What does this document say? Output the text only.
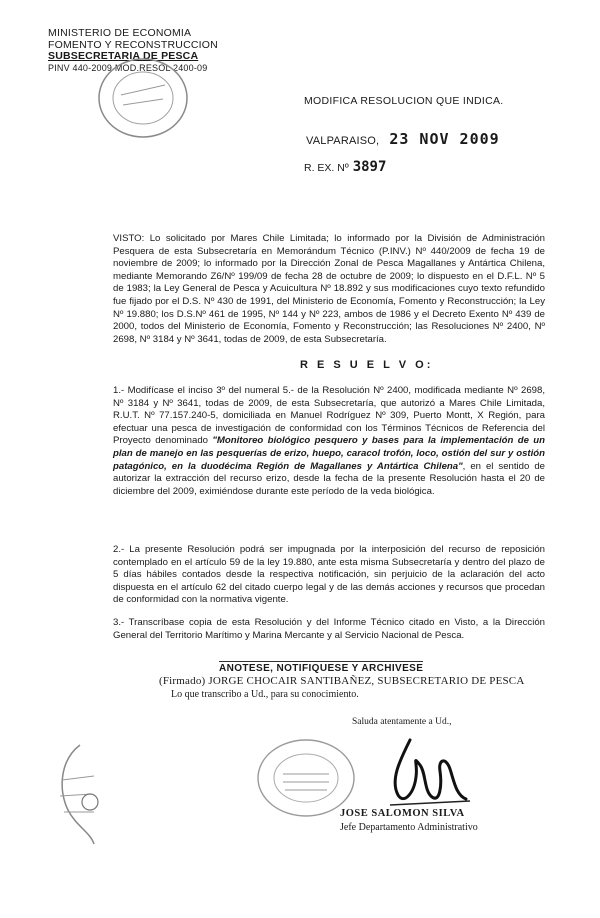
MINISTERIO DE ECONOMIA
FOMENTO Y RECONSTRUCCION
SUBSECRETARIA DE PESCA
PINV 440-2009 MOD.RESOL 2400-09
MODIFICA RESOLUCION QUE INDICA.
VALPARAISO, 23 NOV 2009
R. EX. Nº 3897
VISTO: Lo solicitado por Mares Chile Limitada; lo informado por la División de Administración Pesquera de esta Subsecretaría en Memorándum Técnico (P.INV.) Nº 440/2009 de fecha 19 de noviembre de 2009; lo informado por la Dirección Zonal de Pesca Magallanes y Antártica Chilena, mediante Memorando Z6/Nº 199/09 de fecha 28 de octubre de 2009; lo dispuesto en el D.F.L. Nº 5 de 1983; la Ley General de Pesca y Acuicultura Nº 18.892 y sus modificaciones cuyo texto refundido fue fijado por el D.S. Nº 430 de 1991, del Ministerio de Economía, Fomento y Reconstrucción; la Ley Nº 19.880; los D.S.Nº 461 de 1995, Nº 144 y Nº 223, ambos de 1986 y el Decreto Exento Nº 439 de 2000, todos del Ministerio de Economía, Fomento y Reconstrucción; las Resoluciones Nº 2400, Nº 2698, Nº 3184 y Nº 3641, todas de 2009, de esta Subsecretaría.
R E S U E L V O:
1.- Modifícase el inciso 3º del numeral 5.- de la Resolución Nº 2400, modificada mediante Nº 2698, Nº 3184 y Nº 3641, todas de 2009, de esta Subsecretaría, que autorizó a Mares Chile Limitada, R.U.T. Nº 77.157.240-5, domiciliada en Manuel Rodríguez Nº 309, Puerto Montt, X Región, para efectuar una pesca de investigación de conformidad con los Términos Técnicos de Referencia del Proyecto denominado "Monitoreo biológico pesquero y bases para la implementación de un plan de manejo en las pesquerías de erizo, huepo, caracol trofón, loco, ostión del sur y ostión patagónico, en la duodécima Región de Magallanes y Antártica Chilena", en el sentido de autorizar la extracción del recurso erizo, desde la fecha de la presente Resolución hasta el 20 de diciembre del 2009, eximiéndose durante este período de la veda biológica.
2.- La presente Resolución podrá ser impugnada por la interposición del recurso de reposición contemplado en el artículo 59 de la ley 19.880, ante esta misma Subsecretaría y dentro del plazo de 5 días hábiles contados desde la respectiva notificación, sin perjuicio de la aclaración del acto dispuesta en el artículo 62 del citado cuerpo legal y de las demás acciones y recursos que procedan de conformidad con la normativa vigente.
3.- Transcríbase copia de esta Resolución y del Informe Técnico citado en Visto, a la Dirección General del Territorio Marítimo y Marina Mercante y al Servicio Nacional de Pesca.
ANOTESE, NOTIFIQUESE Y ARCHIVESE
(Firmado) JORGE CHOCAIR SANTIBAÑEZ, SUBSECRETARIO DE PESCA
Lo que transcribo a Ud., para su conocimiento.
Saluda atentamente a Ud.,
JOSE SALOMON SILVA
Jefe Departamento Administrativo
